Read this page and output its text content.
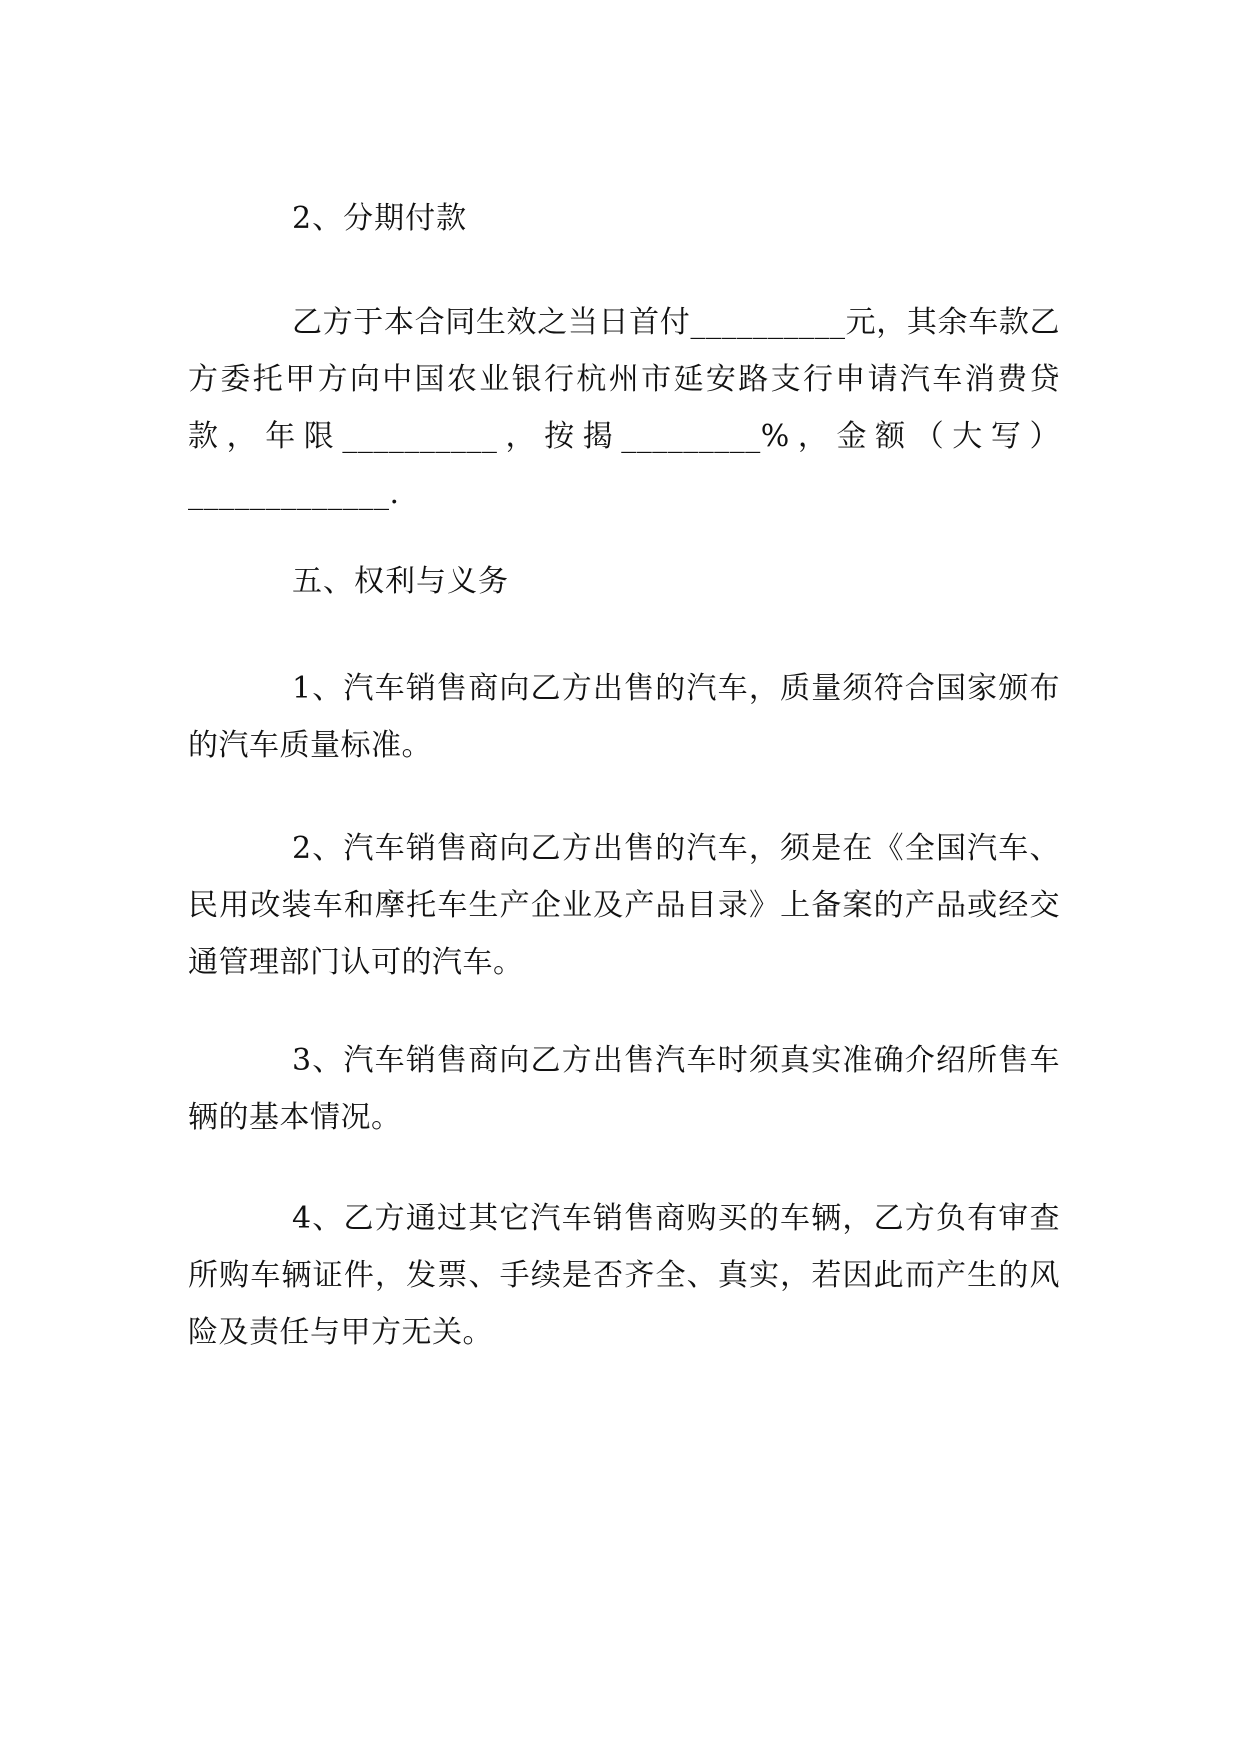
2、分期付款

乙方于本合同生效之当日首付__________元，其余车款乙方委托甲方向中国农业银行杭州市延安路支行申请汽车消费贷款，年限__________，按揭_________%，金额（大写）_____________.

五、权利与义务

1、汽车销售商向乙方出售的汽车，质量须符合国家颁布的汽车质量标准。

2、汽车销售商向乙方出售的汽车，须是在《全国汽车、民用改装车和摩托车生产企业及产品目录》上备案的产品或经交通管理部门认可的汽车。

3、汽车销售商向乙方出售汽车时须真实准确介绍所售车辆的基本情况。

4、乙方通过其它汽车销售商购买的车辆，乙方负有审查所购车辆证件，发票、手续是否齐全、真实，若因此而产生的风险及责任与甲方无关。
